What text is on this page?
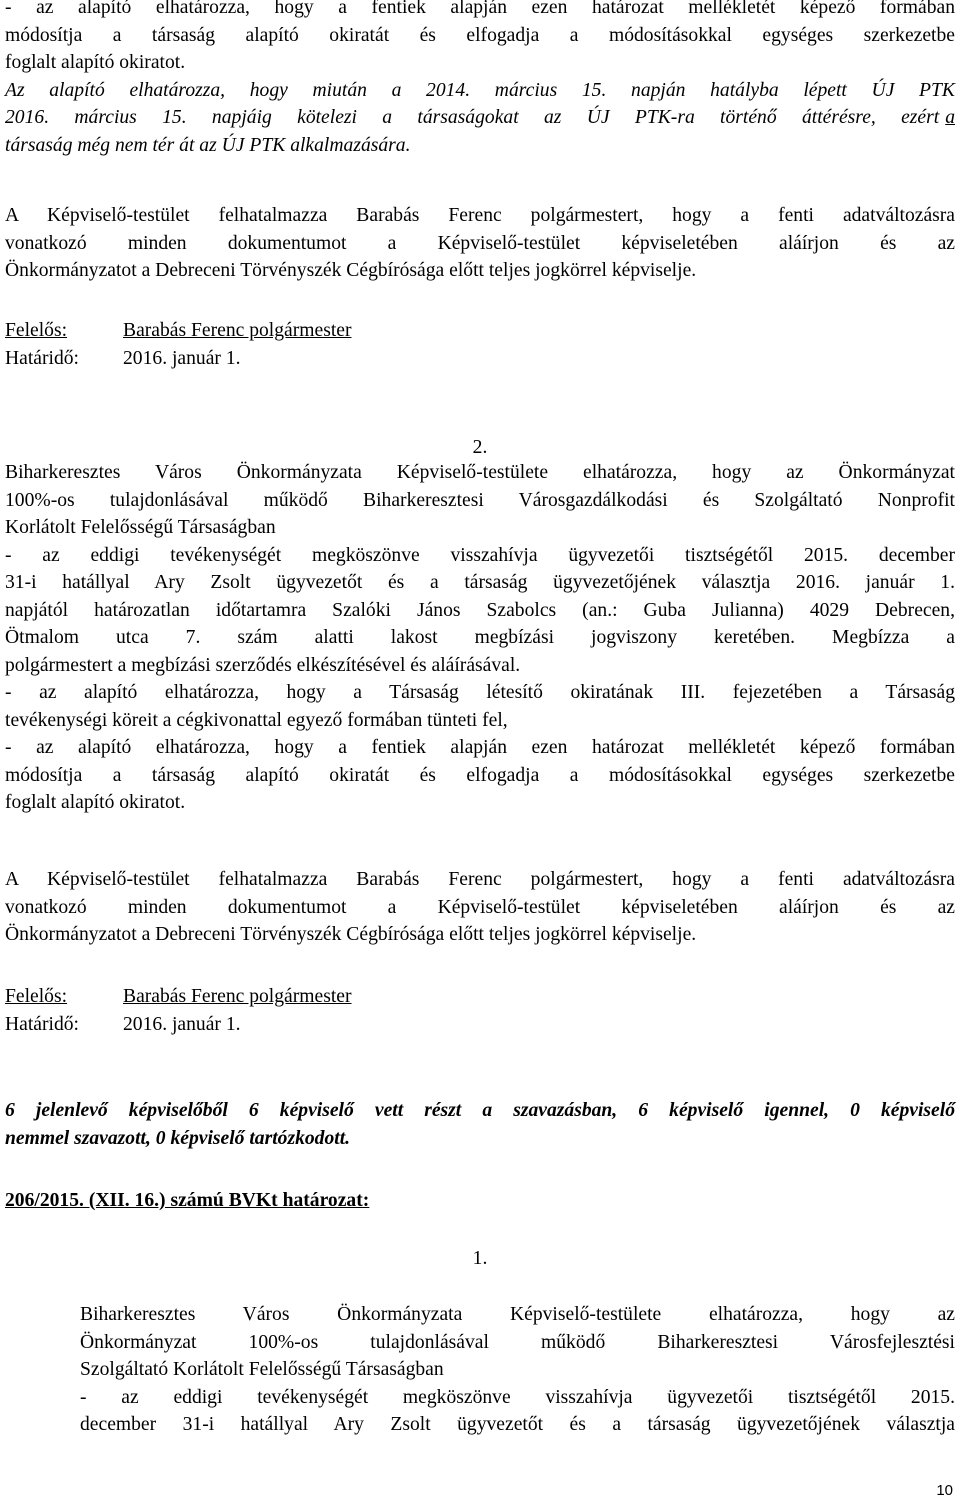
- az alapító elhatározza, hogy a fentiek alapján ezen határozat mellékletét képező formában
módosítja a társaság alapító okiratát és elfogadja a módosításokkal egységes szerkezetbe
foglalt alapító okiratot.
Az alapító elhatározza, hogy miután a 2014. március 15. napján hatályba lépett ÚJ PTK
2016. március 15. napjáig kötelezi a társaságokat az ÚJ PTK-ra történő áttérésre, ezért a
társaság még nem tér át az ÚJ PTK alkalmazására.
A Képviselő-testület felhatalmazza Barabás Ferenc polgármestert, hogy a fenti adatváltozásra
vonatkozó minden dokumentumot a Képviselő-testület képviseletében aláírjon és az
Önkormányzatot a Debreceni Törvényszék Cégbírósága előtt teljes jogkörrel képviselje.
Felelős:	Barabás Ferenc polgármester
Határidő: 2016. január 1.
2.
Biharkeresztes Város Önkormányzata Képviselő-testülete elhatározza, hogy az Önkormányzat
100%-os tulajdonlásával működő Biharkeresztesi Városgazdálkodási és Szolgáltató Nonprofit
Korlátolt Felelősségű Társaságban
- az eddigi tevékenységét megköszönve visszahívja ügyvezetői tisztségétől 2015. december
31-i hatállyal Ary Zsolt ügyvezetőt és a társaság ügyvezetőjének választja 2016. január 1.
napjától határozatlan időtartamra Szalóki János Szabolcs (an.: Guba Julianna) 4029 Debrecen,
Ötmalom utca 7. szám alatti lakost megbízási jogviszony keretében. Megbízza a
polgármestert a megbízási szerződés elkészítésével és aláírásával.
- az alapító elhatározza, hogy a Társaság létesítő okiratának III. fejezetében a Társaság
tevékenységi köreit a cégkivonattal egyező formában tünteti fel,
- az alapító elhatározza, hogy a fentiek alapján ezen határozat mellékletét képező formában
módosítja a társaság alapító okiratát és elfogadja a módosításokkal egységes szerkezetbe
foglalt alapító okiratot.
A Képviselő-testület felhatalmazza Barabás Ferenc polgármestert, hogy a fenti adatváltozásra
vonatkozó minden dokumentumot a Képviselő-testület képviseletében aláírjon és az
Önkormányzatot a Debreceni Törvényszék Cégbírósága előtt teljes jogkörrel képviselje.
Felelős:	Barabás Ferenc polgármester
Határidő: 2016. január 1.
6 jelenlevő képviselőből 6 képviselő vett részt a szavazásban, 6 képviselő igennel, 0 képviselő
nemmel szavazott, 0 képviselő tartózkodott.
206/2015. (XII. 16.) számú BVKt határozat:
1.
Biharkeresztes Város Önkormányzata Képviselő-testülete elhatározza, hogy az
Önkormányzat 100%-os tulajdonlásával működő Biharkeresztesi Városfejlesztési
Szolgáltató Korlátolt Felelősségű Társaságban
- az eddigi tevékenységét megköszönve visszahívja ügyvezetői tisztségétől 2015.
december 31-i hatállyal Ary Zsolt ügyvezetőt és a társaság ügyvezetőjének választja
10
